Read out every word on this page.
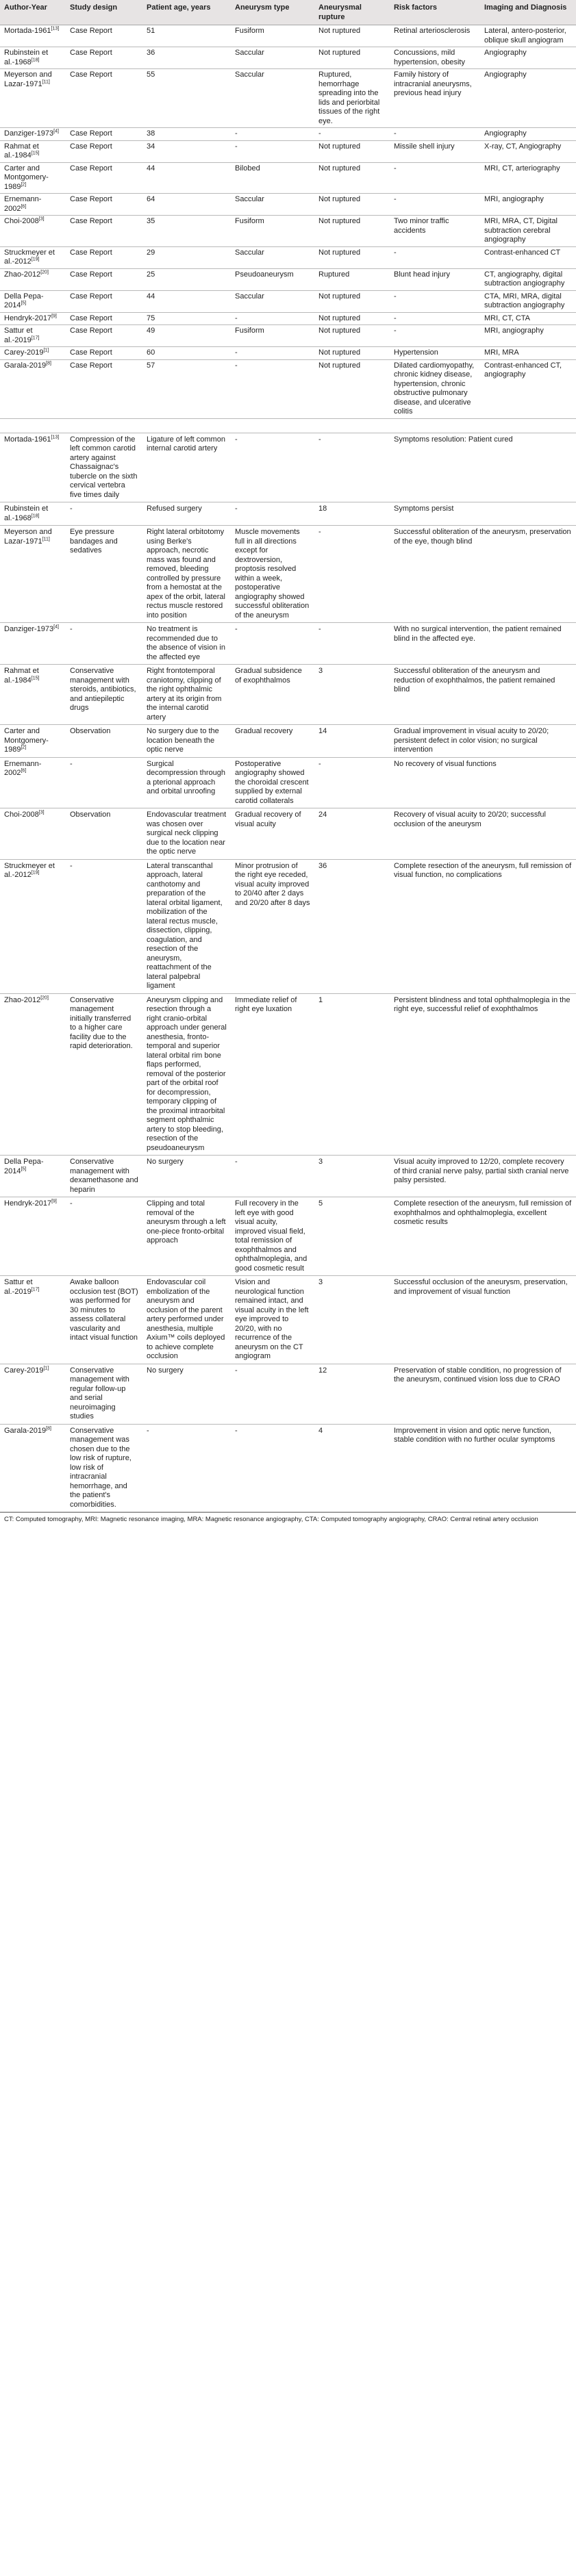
Author-Year	Study design	Patient age, years	Aneurysm type	Aneurysmal rupture	Risk factors	Imaging and Diagnosis
Mortada-1961[13]	Case Report	51	Fusiform	Not ruptured	Retinal arteriosclerosis	Lateral, antero-posterior, oblique skull angiogram
Rubinstein et al.-1968[18]	Case Report	36	Saccular	Not ruptured	Concussions, mild hypertension, obesity	Angiography
Meyerson and Lazar-1971[11]	Case Report	55	Saccular	Ruptured, hemorrhage spreading into the lids and periorbital tissues of the right eye.	Family history of intracranial aneurysms, previous head injury	Angiography
Danziger-1973[4]	Case Report	38	-	-	-	Angiography
Rahmat et al.-1984[15]	Case Report	34	-	Not ruptured	Missile shell injury	X-ray, CT, Angiography
Carter and Montgomery-1989[2]	Case Report	44	Bilobed	Not ruptured	-	MRI, CT, arteriography
Ernemann-2002[6]	Case Report	64	Saccular	Not ruptured	-	MRI, angiography
Choi-2008[3]	Case Report	35	Fusiform	Not ruptured	Two minor traffic accidents	MRI, MRA, CT, Digital subtraction cerebral angiography
Struckmeyer et al.-2012[19]	Case Report	29	Saccular	Not ruptured	-	Contrast-enhanced CT
Zhao-2012[20]	Case Report	25	Pseudoaneurysm	Ruptured	Blunt head injury	CT, angiography, digital subtraction angiography
Della Pepa-2014[5]	Case Report	44	Saccular	Not ruptured	-	CTA, MRI, MRA, digital subtraction angiography
Hendryk-2017[9]	Case Report	75	-	Not ruptured	-	MRI, CT, CTA
Sattur et al.-2019[17]	Case Report	49	Fusiform	Not ruptured	-	MRI, angiography
Carey-2019[1]	Case Report	60	-	Not ruptured	Hypertension	MRI, MRA
Garala-2019[8]	Case Report	57	-	Not ruptured	Dilated cardiomyopathy, chronic kidney disease, hypertension, chronic obstructive pulmonary disease, and ulcerative colitis	Contrast-enhanced CT, angiography

Mortada-1961[13]	Compression of the left common carotid artery against Chassaignac's tubercle on the sixth cervical vertebra five times daily	Ligature of left common internal carotid artery	-	-	Symptoms resolution: Patient cured	
Rubinstein et al.-1968[18]	-	Refused surgery	-	18	Symptoms persist	
Meyerson and Lazar-1971[11]	Eye pressure bandages and sedatives	Right lateral orbitotomy using Berke's approach, necrotic mass was found and removed, bleeding controlled by pressure from a hemostat at the apex of the orbit, lateral rectus muscle restored into position	Muscle movements full in all directions except for dextroversion, proptosis resolved within a week, postoperative angiography showed successful obliteration of the aneurysm	-	Successful obliteration of the aneurysm, preservation of the eye, though blind	
Danziger-1973[4]	-	No treatment is recommended due to the absence of vision in the affected eye	-	-	With no surgical intervention, the patient remained blind in the affected eye.	
Rahmat et al.-1984[15]	Conservative management with steroids, antibiotics, and antiepileptic drugs	Right frontotemporal craniotomy, clipping of the right ophthalmic artery at its origin from the internal carotid artery	Gradual subsidence of exophthalmos	3	Successful obliteration of the aneurysm and reduction of exophthalmos, the patient remained blind	
Carter and Montgomery-1989[2]	Observation	No surgery due to the location beneath the optic nerve	Gradual recovery	14	Gradual improvement in visual acuity to 20/20; persistent defect in color vision; no surgical intervention	
Ernemann-2002[6]	-	Surgical decompression through a pterional approach and orbital unroofing	Postoperative angiography showed the choroidal crescent supplied by external carotid collaterals	-	No recovery of visual functions	
Choi-2008[3]	Observation	Endovascular treatment was chosen over surgical neck clipping due to the location near the optic nerve	Gradual recovery of visual acuity	24	Recovery of visual acuity to 20/20; successful occlusion of the aneurysm	
Struckmeyer et al.-2012[19]	-	Lateral transcanthal approach, lateral canthotomy and preparation of the lateral orbital ligament, mobilization of the lateral rectus muscle, dissection, clipping, coagulation, and resection of the aneurysm, reattachment of the lateral palpebral ligament	Minor protrusion of the right eye receded, visual acuity improved to 20/40 after 2 days and 20/20 after 8 days	36	Complete resection of the aneurysm, full remission of visual function, no complications	
Zhao-2012[20]	Conservative management initially transferred to a higher care facility due to the rapid deterioration.	Aneurysm clipping and resection through a right cranio-orbital approach under general anesthesia, fronto-temporal and superior lateral orbital rim bone flaps performed, removal of the posterior part of the orbital roof for decompression, temporary clipping of the proximal intraorbital segment ophthalmic artery to stop bleeding, resection of the pseudoaneurysm	Immediate relief of right eye luxation	1	Persistent blindness and total ophthalmoplegia in the right eye, successful relief of exophthalmos	
Della Pepa-2014[5]	Conservative management with dexamethasone and heparin	No surgery	-	3	Visual acuity improved to 12/20, complete recovery of third cranial nerve palsy, partial sixth cranial nerve palsy persisted.	
Hendryk-2017[9]	-	Clipping and total removal of the aneurysm through a left one-piece fronto-orbital approach	Full recovery in the left eye with good visual acuity, improved visual field, total remission of exophthalmos and ophthalmoplegia, and good cosmetic result	5	Complete resection of the aneurysm, full remission of exophthalmos and ophthalmoplegia, excellent cosmetic results	
Sattur et al.-2019[17]	Awake balloon occlusion test (BOT) was performed for 30 minutes to assess collateral vascularity and intact visual function	Endovascular coil embolization of the aneurysm and occlusion of the parent artery performed under anesthesia, multiple Axium™ coils deployed to achieve complete occlusion	Vision and neurological function remained intact, and visual acuity in the left eye improved to 20/20, with no recurrence of the aneurysm on the CT angiogram	3	Successful occlusion of the aneurysm, preservation, and improvement of visual function	
Carey-2019[1]	Conservative management with regular follow-up and serial neuroimaging studies	No surgery	-	12	Preservation of stable condition, no progression of the aneurysm, continued vision loss due to CRAO	
Garala-2019[8]	Conservative management was chosen due to the low risk of rupture, low risk of intracranial hemorrhage, and the patient's comorbidities.	-	-	4	Improvement in vision and optic nerve function, stable condition with no further ocular symptoms	
CT: Computed tomography, MRI: Magnetic resonance imaging, MRA: Magnetic resonance angiography, CTA: Computed tomography angiography, CRAO: Central retinal artery occlusion
